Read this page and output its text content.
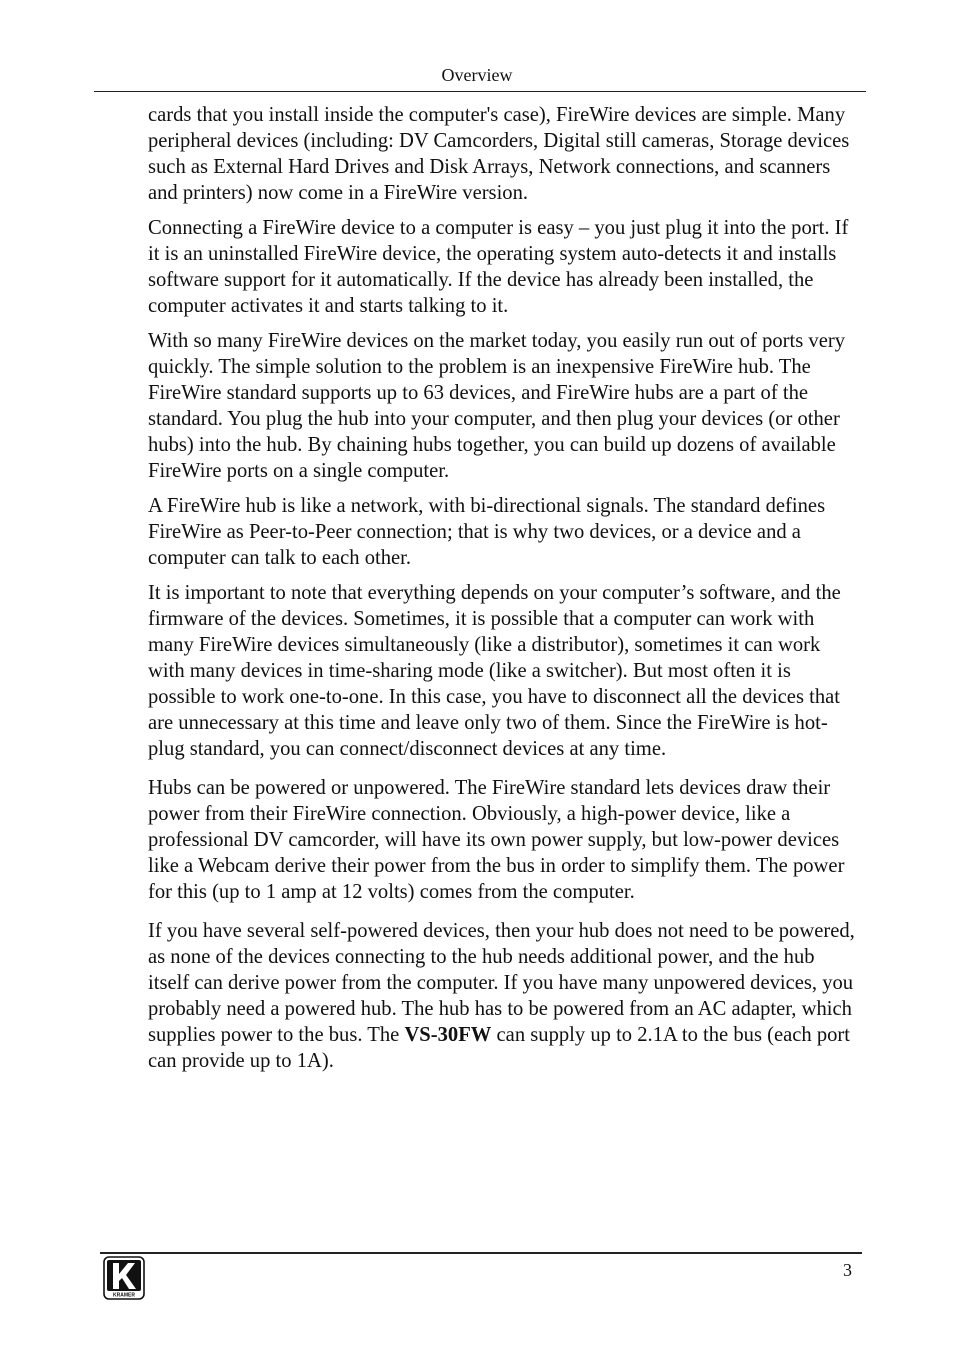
Overview

cards that you install inside the computer's case), FireWire devices are simple. Many peripheral devices (including: DV Camcorders, Digital still cameras, Storage devices such as External Hard Drives and Disk Arrays, Network connections, and scanners and printers) now come in a FireWire version.

Connecting a FireWire device to a computer is easy – you just plug it into the port. If it is an uninstalled FireWire device, the operating system auto-detects it and installs software support for it automatically. If the device has already been installed, the computer activates it and starts talking to it.

With so many FireWire devices on the market today, you easily run out of ports very quickly. The simple solution to the problem is an inexpensive FireWire hub. The FireWire standard supports up to 63 devices, and FireWire hubs are a part of the standard. You plug the hub into your computer, and then plug your devices (or other hubs) into the hub. By chaining hubs together, you can build up dozens of available FireWire ports on a single computer.

A FireWire hub is like a network, with bi-directional signals. The standard defines FireWire as Peer-to-Peer connection; that is why two devices, or a device and a computer can talk to each other.

It is important to note that everything depends on your computer’s software, and the firmware of the devices. Sometimes, it is possible that a computer can work with many FireWire devices simultaneously (like a distributor), sometimes it can work with many devices in time-sharing mode (like a switcher). But most often it is possible to work one-to-one. In this case, you have to disconnect all the devices that are unnecessary at this time and leave only two of them. Since the FireWire is hot-plug standard, you can connect/disconnect devices at any time.

Hubs can be powered or unpowered. The FireWire standard lets devices draw their power from their FireWire connection. Obviously, a high-power device, like a professional DV camcorder, will have its own power supply, but low-power devices like a Webcam derive their power from the bus in order to simplify them. The power for this (up to 1 amp at 12 volts) comes from the computer.

If you have several self-powered devices, then your hub does not need to be powered, as none of the devices connecting to the hub needs additional power, and the hub itself can derive power from the computer. If you have many unpowered devices, you probably need a powered hub. The hub has to be powered from an AC adapter, which supplies power to the bus. The VS-30FW can supply up to 2.1A to the bus (each port can provide up to 1A).

KRAMER
3
